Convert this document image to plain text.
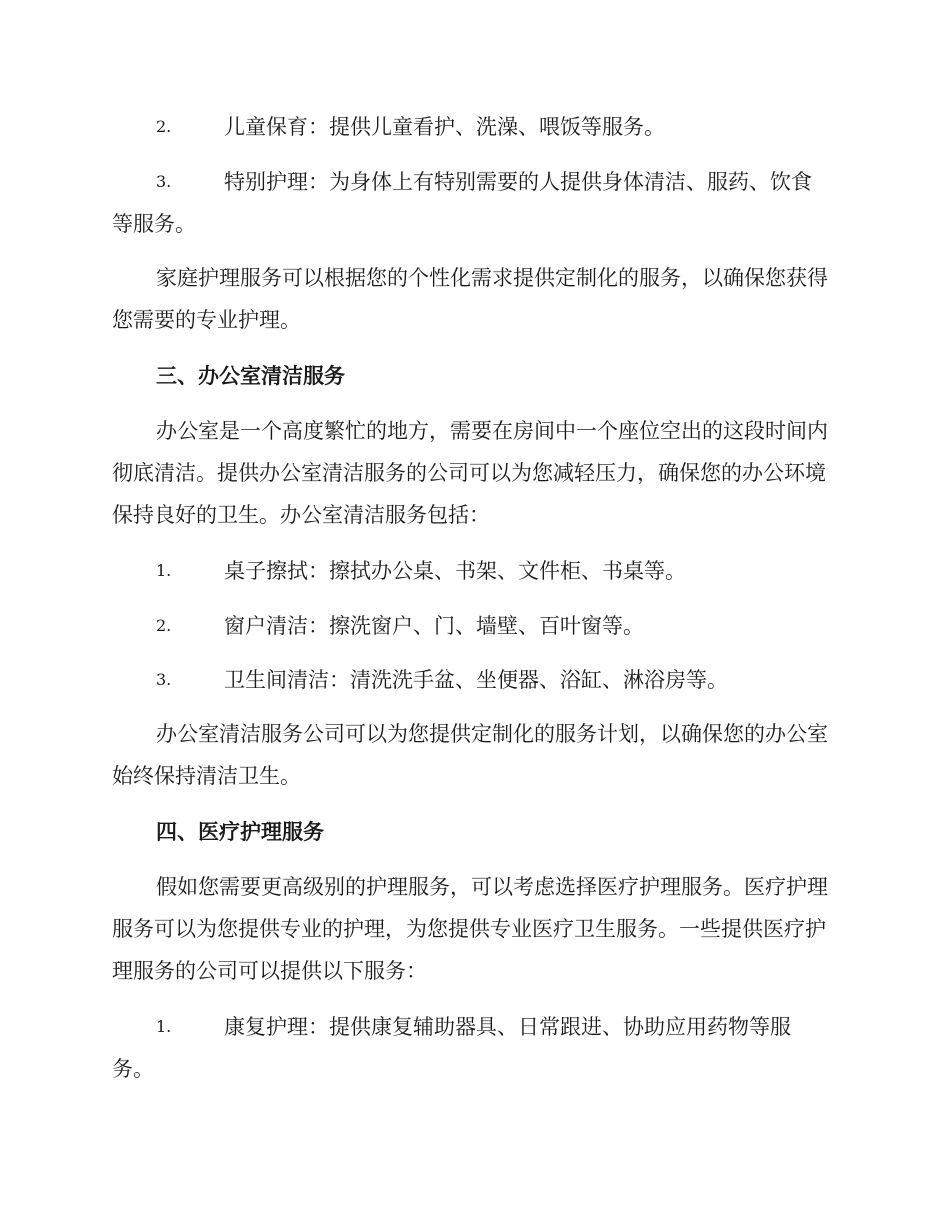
2.	儿童保育：提供儿童看护、洗澡、喂饭等服务。
3.	特别护理：为身体上有特别需要的人提供身体清洁、服药、饮食等服务。

家庭护理服务可以根据您的个性化需求提供定制化的服务，以确保您获得您需要的专业护理。

三、办公室清洁服务

办公室是一个高度繁忙的地方，需要在房间中一个座位空出的这段时间内彻底清洁。提供办公室清洁服务的公司可以为您减轻压力，确保您的办公环境保持良好的卫生。办公室清洁服务包括：

1.	桌子擦拭：擦拭办公桌、书架、文件柜、书桌等。
2.	窗户清洁：擦洗窗户、门、墙壁、百叶窗等。
3.	卫生间清洁：清洗洗手盆、坐便器、浴缸、淋浴房等。

办公室清洁服务公司可以为您提供定制化的服务计划，以确保您的办公室始终保持清洁卫生。

四、医疗护理服务

假如您需要更高级别的护理服务，可以考虑选择医疗护理服务。医疗护理服务可以为您提供专业的护理，为您提供专业医疗卫生服务。一些提供医疗护理服务的公司可以提供以下服务：

1.	康复护理：提供康复辅助器具、日常跟进、协助应用药物等服务。
